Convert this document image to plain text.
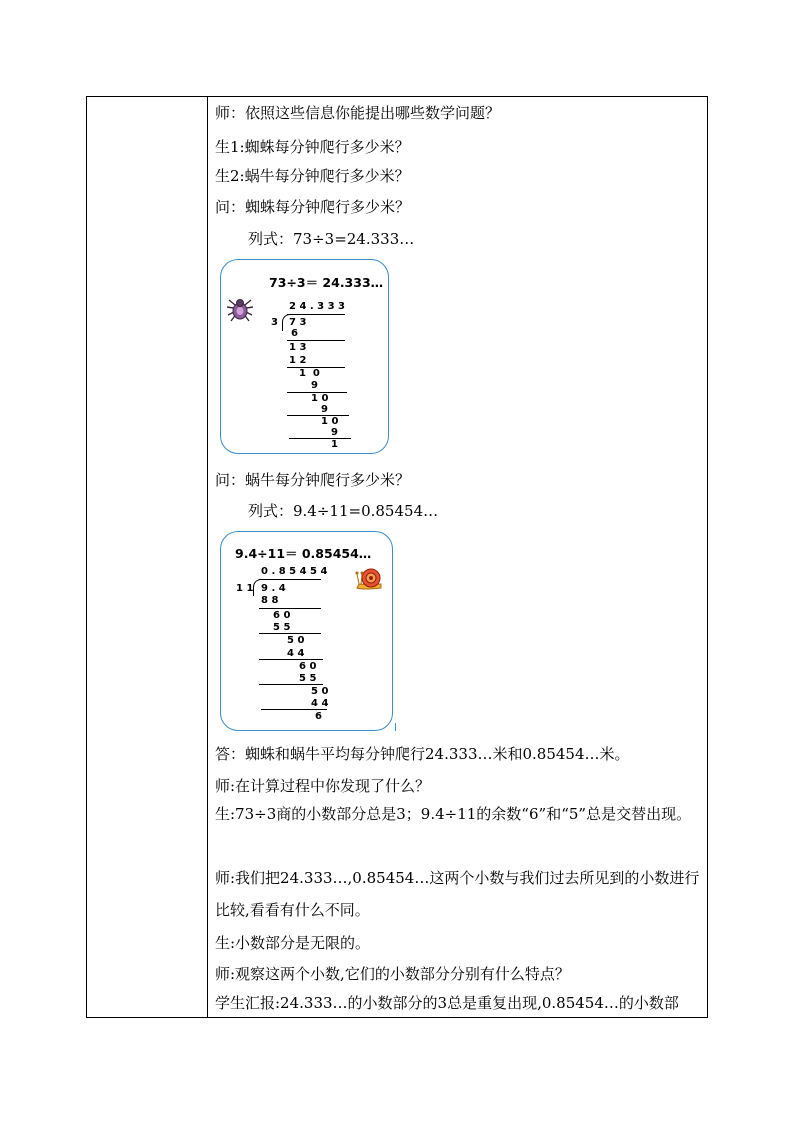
师：依照这些信息你能提出哪些数学问题？
生1:蜘蛛每分钟爬行多少米？
生2:蜗牛每分钟爬行多少米？
问：蜘蛛每分钟爬行多少米？
列式：73÷3=24.333…
73÷3＝ 24.333…
2 4 . 3 3 3
3 7 3
6
1 3
1 2
1  0
9
1 0
9
1 0
9
1
问：蜗牛每分钟爬行多少米？
列式：9.4÷11=0.85454…
9.4÷11＝ 0.85454…
0 . 8 5 4 5 4
1 1 9 . 4
8 8
6 0
5 5
5 0
4 4
6 0
5 5
5 0
4 4
6
答：蜘蛛和蜗牛平均每分钟爬行24.333…米和0.85454…米。
师:在计算过程中你发现了什么？
生:73÷3商的小数部分总是3；9.4÷11的余数“6”和“5”总是交替出现。
师:我们把24.333…,0.85454…这两个小数与我们过去所见到的小数进行比较,看看有什么不同。
生:小数部分是无限的。
师:观察这两个小数,它们的小数部分分别有什么特点？
学生汇报:24.333…的小数部分的3总是重复出现,0.85454…的小数部
